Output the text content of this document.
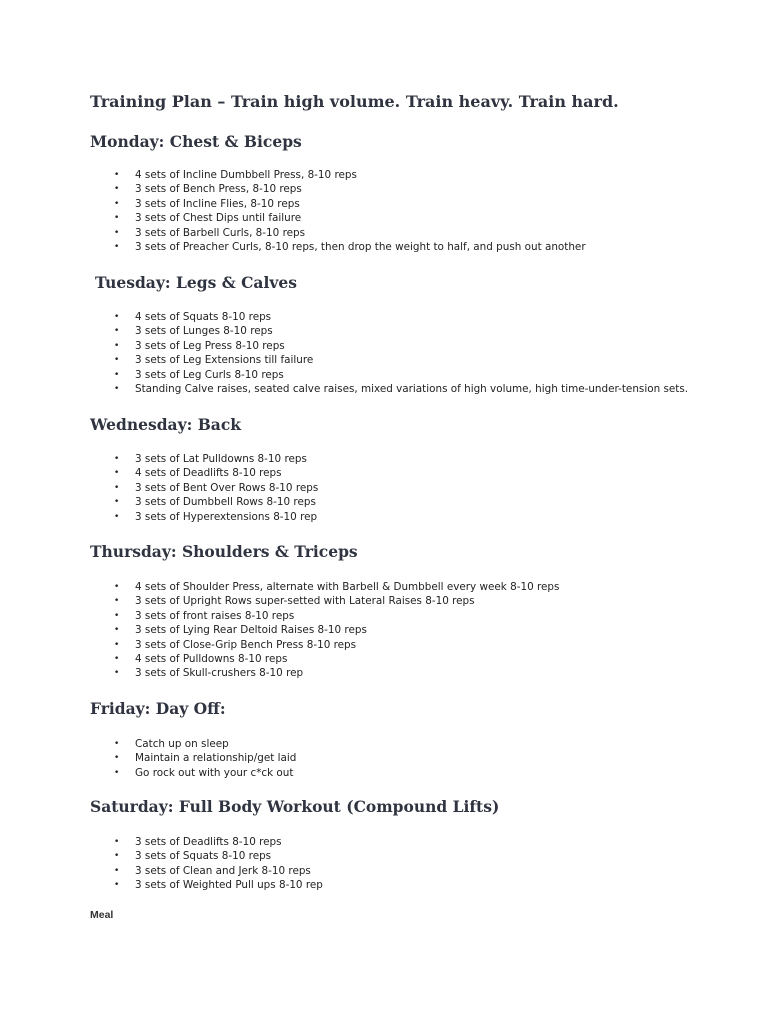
Training Plan – Train high volume. Train heavy. Train hard.
Monday: Chest & Biceps
• 4 sets of Incline Dumbbell Press, 8-10 reps
• 3 sets of Bench Press, 8-10 reps
• 3 sets of Incline Flies, 8-10 reps
• 3 sets of Chest Dips until failure
• 3 sets of Barbell Curls, 8-10 reps
• 3 sets of Preacher Curls, 8-10 reps, then drop the weight to half, and push out another
Tuesday: Legs & Calves
• 4 sets of Squats 8-10 reps
• 3 sets of Lunges 8-10 reps
• 3 sets of Leg Press 8-10 reps
• 3 sets of Leg Extensions till failure
• 3 sets of Leg Curls 8-10 reps
• Standing Calve raises, seated calve raises, mixed variations of high volume, high time-under-tension sets.
Wednesday: Back
• 3 sets of Lat Pulldowns 8-10 reps
• 4 sets of Deadlifts 8-10 reps
• 3 sets of Bent Over Rows 8-10 reps
• 3 sets of Dumbbell Rows 8-10 reps
• 3 sets of Hyperextensions 8-10 rep
Thursday: Shoulders & Triceps
• 4 sets of Shoulder Press, alternate with Barbell & Dumbbell every week 8-10 reps
• 3 sets of Upright Rows super-setted with Lateral Raises 8-10 reps
• 3 sets of front raises 8-10 reps
• 3 sets of Lying Rear Deltoid Raises 8-10 reps
• 3 sets of Close-Grip Bench Press 8-10 reps
• 4 sets of Pulldowns 8-10 reps
• 3 sets of Skull-crushers 8-10 rep
Friday: Day Off:
• Catch up on sleep
• Maintain a relationship/get laid
• Go rock out with your c*ck out
Saturday: Full Body Workout (Compound Lifts)
• 3 sets of Deadlifts 8-10 reps
• 3 sets of Squats 8-10 reps
• 3 sets of Clean and Jerk 8-10 reps
• 3 sets of Weighted Pull ups 8-10 rep

Meal
